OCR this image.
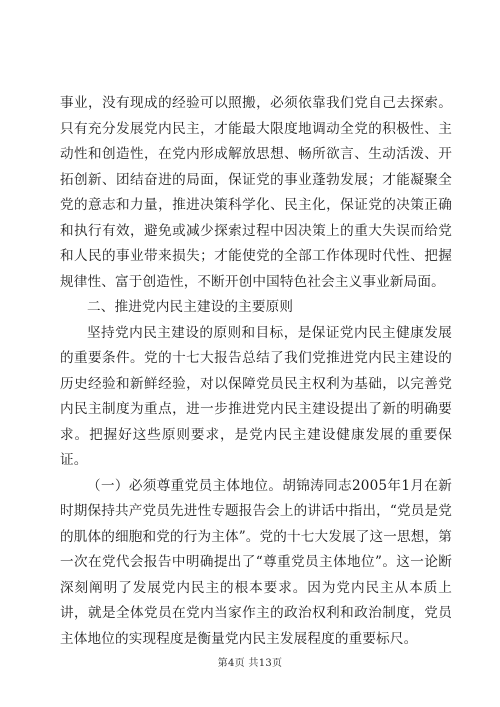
事业，没有现成的经验可以照搬，必须依靠我们党自己去探索。只有充分发展党内民主，才能最大限度地调动全党的积极性、主动性和创造性，在党内形成解放思想、畅所欲言、生动活泼、开拓创新、团结奋进的局面，保证党的事业蓬勃发展；才能凝聚全党的意志和力量，推进决策科学化、民主化，保证党的决策正确和执行有效，避免或减少探索过程中因决策上的重大失误而给党和人民的事业带来损失；才能使党的全部工作体现时代性、把握规律性、富于创造性，不断开创中国特色社会主义事业新局面。

二、推进党内民主建设的主要原则

坚持党内民主建设的原则和目标，是保证党内民主健康发展的重要条件。党的十七大报告总结了我们党推进党内民主建设的历史经验和新鲜经验，对以保障党员民主权利为基础，以完善党内民主制度为重点，进一步推进党内民主建设提出了新的明确要求。把握好这些原则要求，是党内民主建设健康发展的重要保证。

（一）必须尊重党员主体地位。胡锦涛同志2005年1月在新时期保持共产党员先进性专题报告会上的讲话中指出，“党员是党的肌体的细胞和党的行为主体”。党的十七大发展了这一思想，第一次在党代会报告中明确提出了“尊重党员主体地位”。这一论断深刻阐明了发展党内民主的根本要求。因为党内民主从本质上讲，就是全体党员在党内当家作主的政治权利和政治制度，党员主体地位的实现程度是衡量党内民主发展程度的重要标尺。

第4页 共13页
